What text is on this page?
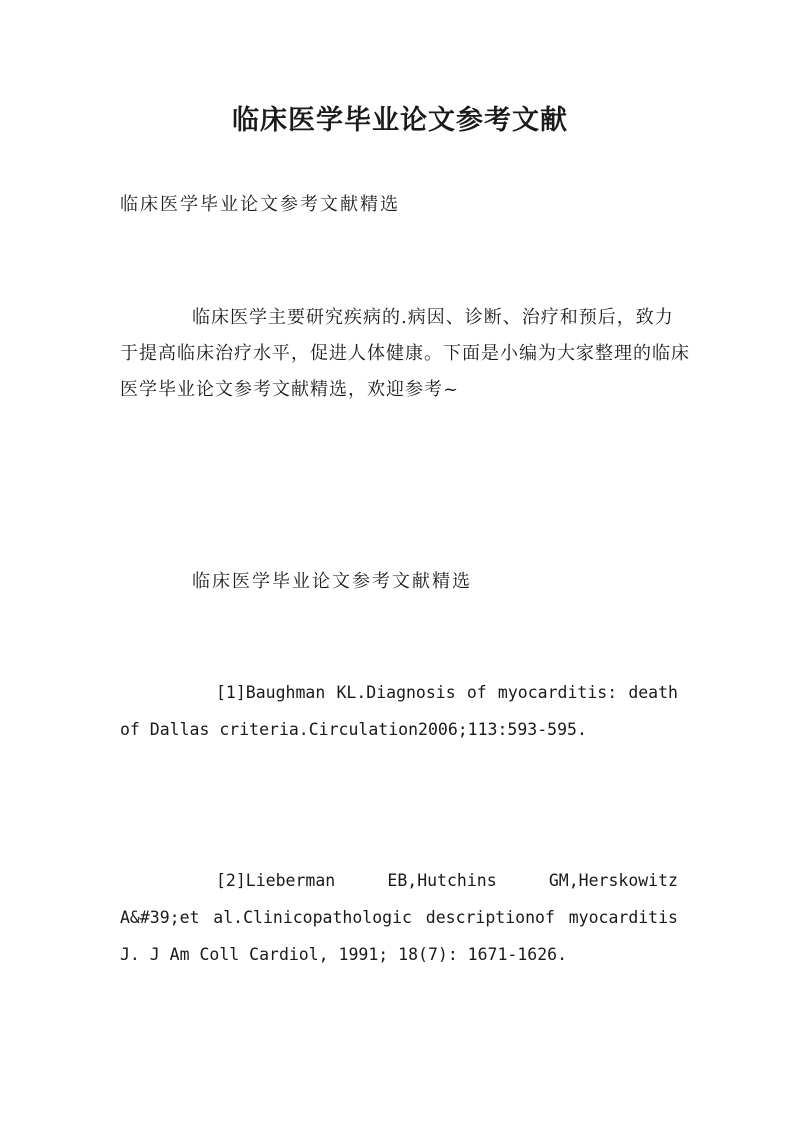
临床医学毕业论文参考文献
临床医学毕业论文参考文献精选

临床医学主要研究疾病的.病因、诊断、治疗和预后，致力于提高临床治疗水平，促进人体健康。下面是小编为大家整理的临床医学毕业论文参考文献精选，欢迎参考~

临床医学毕业论文参考文献精选

[1]Baughman KL.Diagnosis of myocarditis: death of Dallas criteria.Circulation2006;113:593-595.

[2]Lieberman EB,Hutchins GM,Herskowitz A&#39;et al.Clinicopathologic descriptionof myocarditis J. J Am Coll Cardiol, 1991; 18(7): 1671-1626.
